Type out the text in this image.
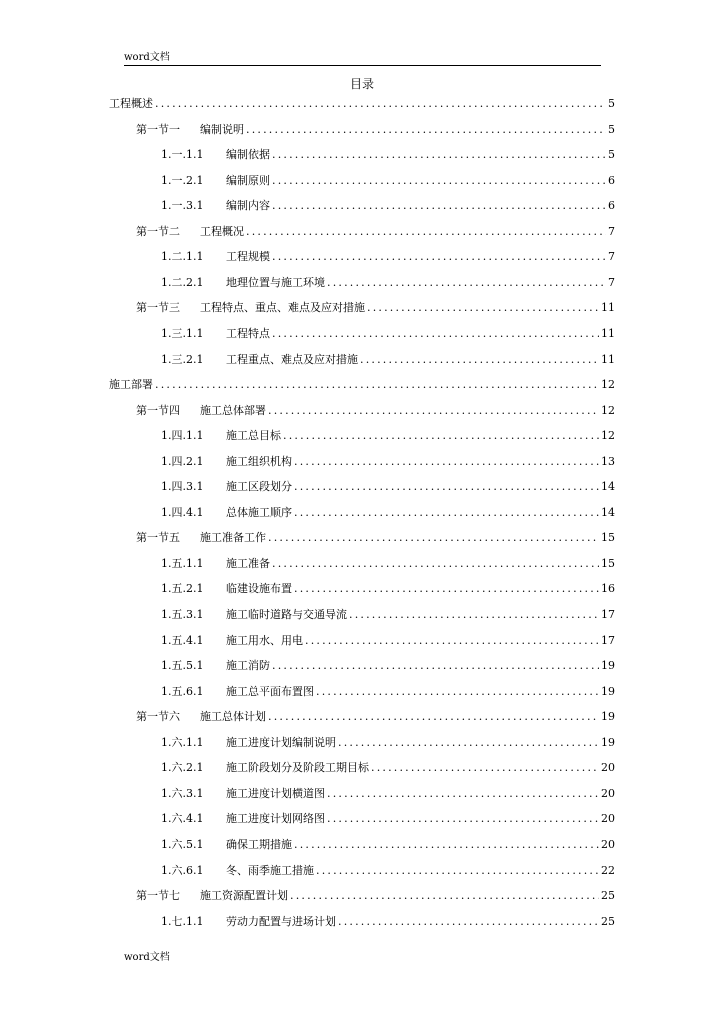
word文档
目录
工程概述 .....	5
第一节一	编制说明 .....	5
1.一.1.1	编制依据 .....	5
1.一.2.1	编制原则 .....	6
1.一.3.1	编制内容 .....	6
第一节二	工程概况 .....	7
1.二.1.1	工程规模 .....	7
1.二.2.1	地理位置与施工环境 .....	7
第一节三	工程特点、重点、难点及应对措施 .....	11
1.三.1.1	工程特点 .....	11
1.三.2.1	工程重点、难点及应对措施 .....	11
施工部署 .....	12
第一节四	施工总体部署 .....	12
1.四.1.1	施工总目标 .....	12
1.四.2.1	施工组织机构 .....	13
1.四.3.1	施工区段划分 .....	14
1.四.4.1	总体施工顺序 .....	14
第一节五	施工准备工作 .....	15
1.五.1.1	施工准备 .....	15
1.五.2.1	临建设施布置 .....	16
1.五.3.1	施工临时道路与交通导流 .....	17
1.五.4.1	施工用水、用电 .....	17
1.五.5.1	施工消防 .....	19
1.五.6.1	施工总平面布置图 .....	19
第一节六	施工总体计划 .....	19
1.六.1.1	施工进度计划编制说明 .....	19
1.六.2.1	施工阶段划分及阶段工期目标 .....	20
1.六.3.1	施工进度计划横道图 .....	20
1.六.4.1	施工进度计划网络图 .....	20
1.六.5.1	确保工期措施 .....	20
1.六.6.1	冬、雨季施工措施 .....	22
第一节七	施工资源配置计划 .....	25
1.七.1.1	劳动力配置与进场计划 .....	25
word文档
